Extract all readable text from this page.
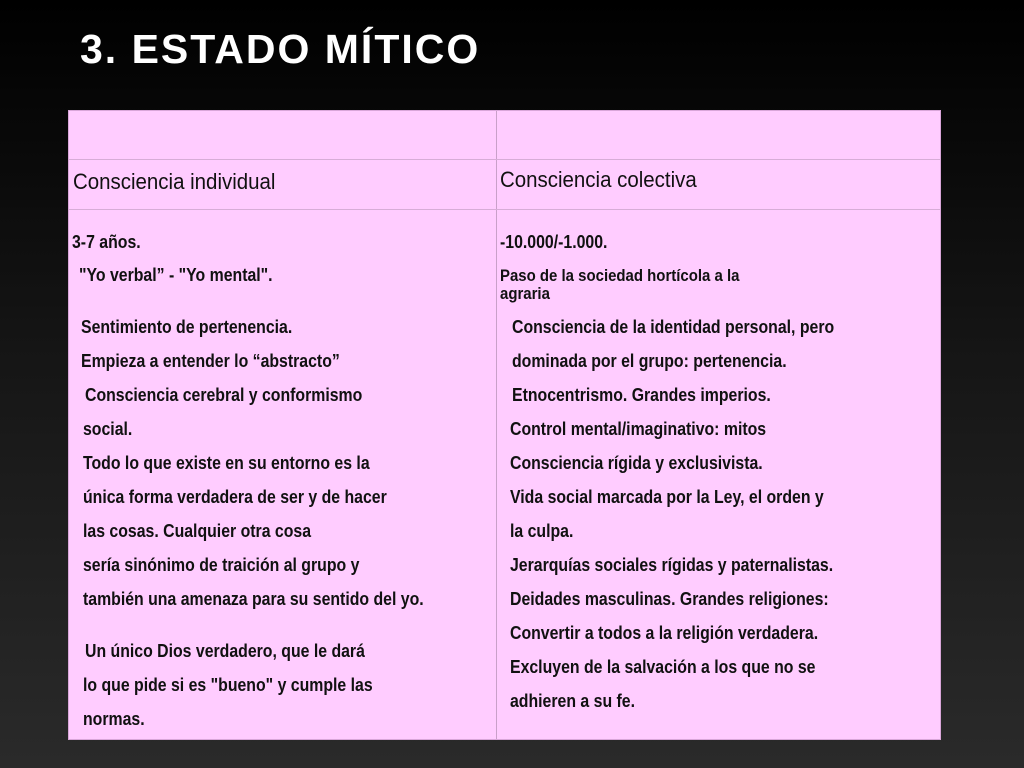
3. ESTADO MÍTICO
Consciencia individual	Consciencia colectiva

3-7 años.

"Yo verbal” - "Yo mental".

Sentimiento de pertenencia.

Empieza a entender lo “abstracto”

Consciencia cerebral y conformismo

social.

Todo lo que existe en su entorno es la

única forma verdadera de ser y de hacer

las cosas. Cualquier otra cosa

sería sinónimo de traición al grupo y

también una amenaza para su sentido del yo.

Un único Dios verdadero, que le dará

lo que pide si es "bueno" y cumple las

normas.

-10.000/-1.000.

Paso de la sociedad hortícola a la

agraria

Consciencia de la identidad personal, pero

dominada por el grupo: pertenencia.

Etnocentrismo. Grandes imperios.

Control mental/imaginativo: mitos

Consciencia rígida y exclusivista.

Vida social marcada por la Ley, el orden y

la culpa.

Jerarquías sociales rígidas y paternalistas.

Deidades masculinas. Grandes religiones:

Convertir a todos a la religión verdadera.

Excluyen de la salvación a los que no se

adhieren a su fe.
